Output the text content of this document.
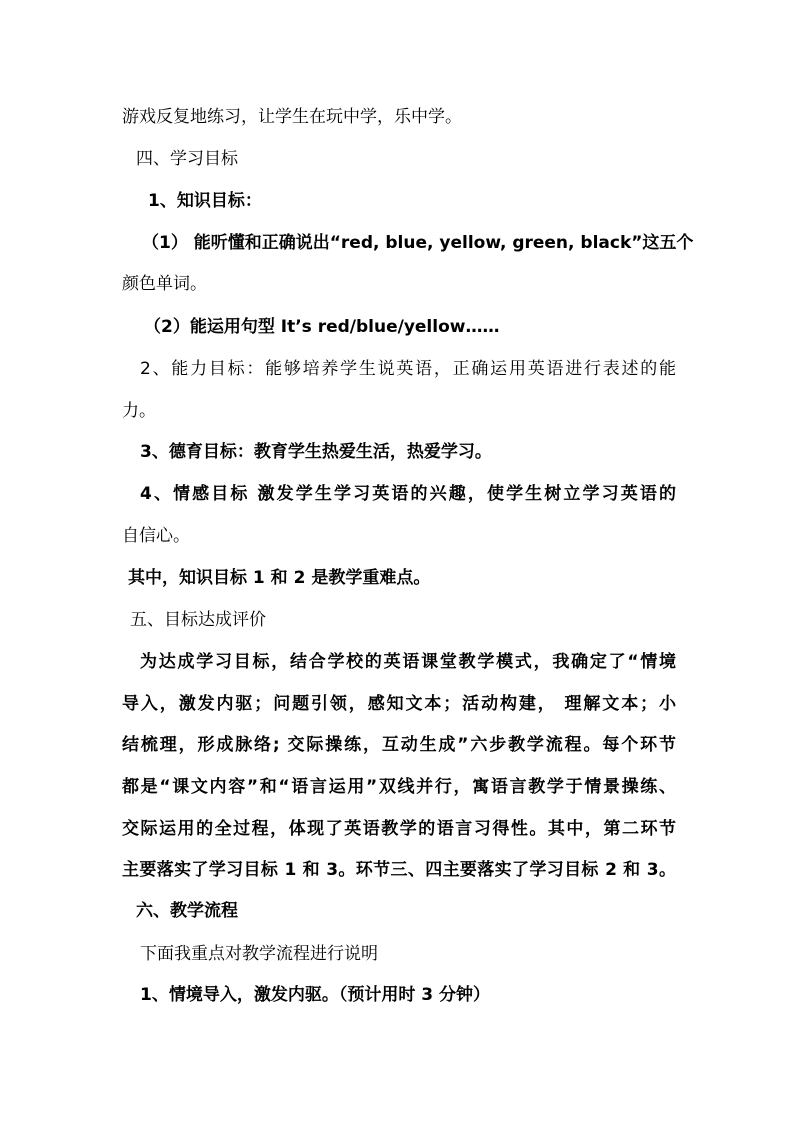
游戏反复地练习，让学生在玩中学，乐中学。
四、学习目标
1、知识目标：
（1） 能听懂和正确说出“red, blue, yellow, green, black”这五个
颜色单词。
（2）能运用句型 It’s red/blue/yellow……
2、能力目标：能够培养学生说英语，正确运用英语进行表述的能
力。
3、德育目标：教育学生热爱生活，热爱学习。
4、情感目标 激发学生学习英语的兴趣，使学生树立学习英语的
自信心。
其中，知识目标 1 和 2 是教学重难点。
五、目标达成评价
为达成学习目标，结合学校的英语课堂教学模式，我确定了“情境
导入，激发内驱；问题引领，感知文本；活动构建， 理解文本；小
结梳理，形成脉络; 交际操练，互动生成”六步教学流程。每个环节
都是“课文内容”和“语言运用”双线并行，寓语言教学于情景操练、
交际运用的全过程，体现了英语教学的语言习得性。其中，第二环节
主要落实了学习目标 1 和 3。环节三、四主要落实了学习目标 2 和 3。
六、教学流程
下面我重点对教学流程进行说明
1、情境导入，激发内驱。（预计用时 3 分钟）
